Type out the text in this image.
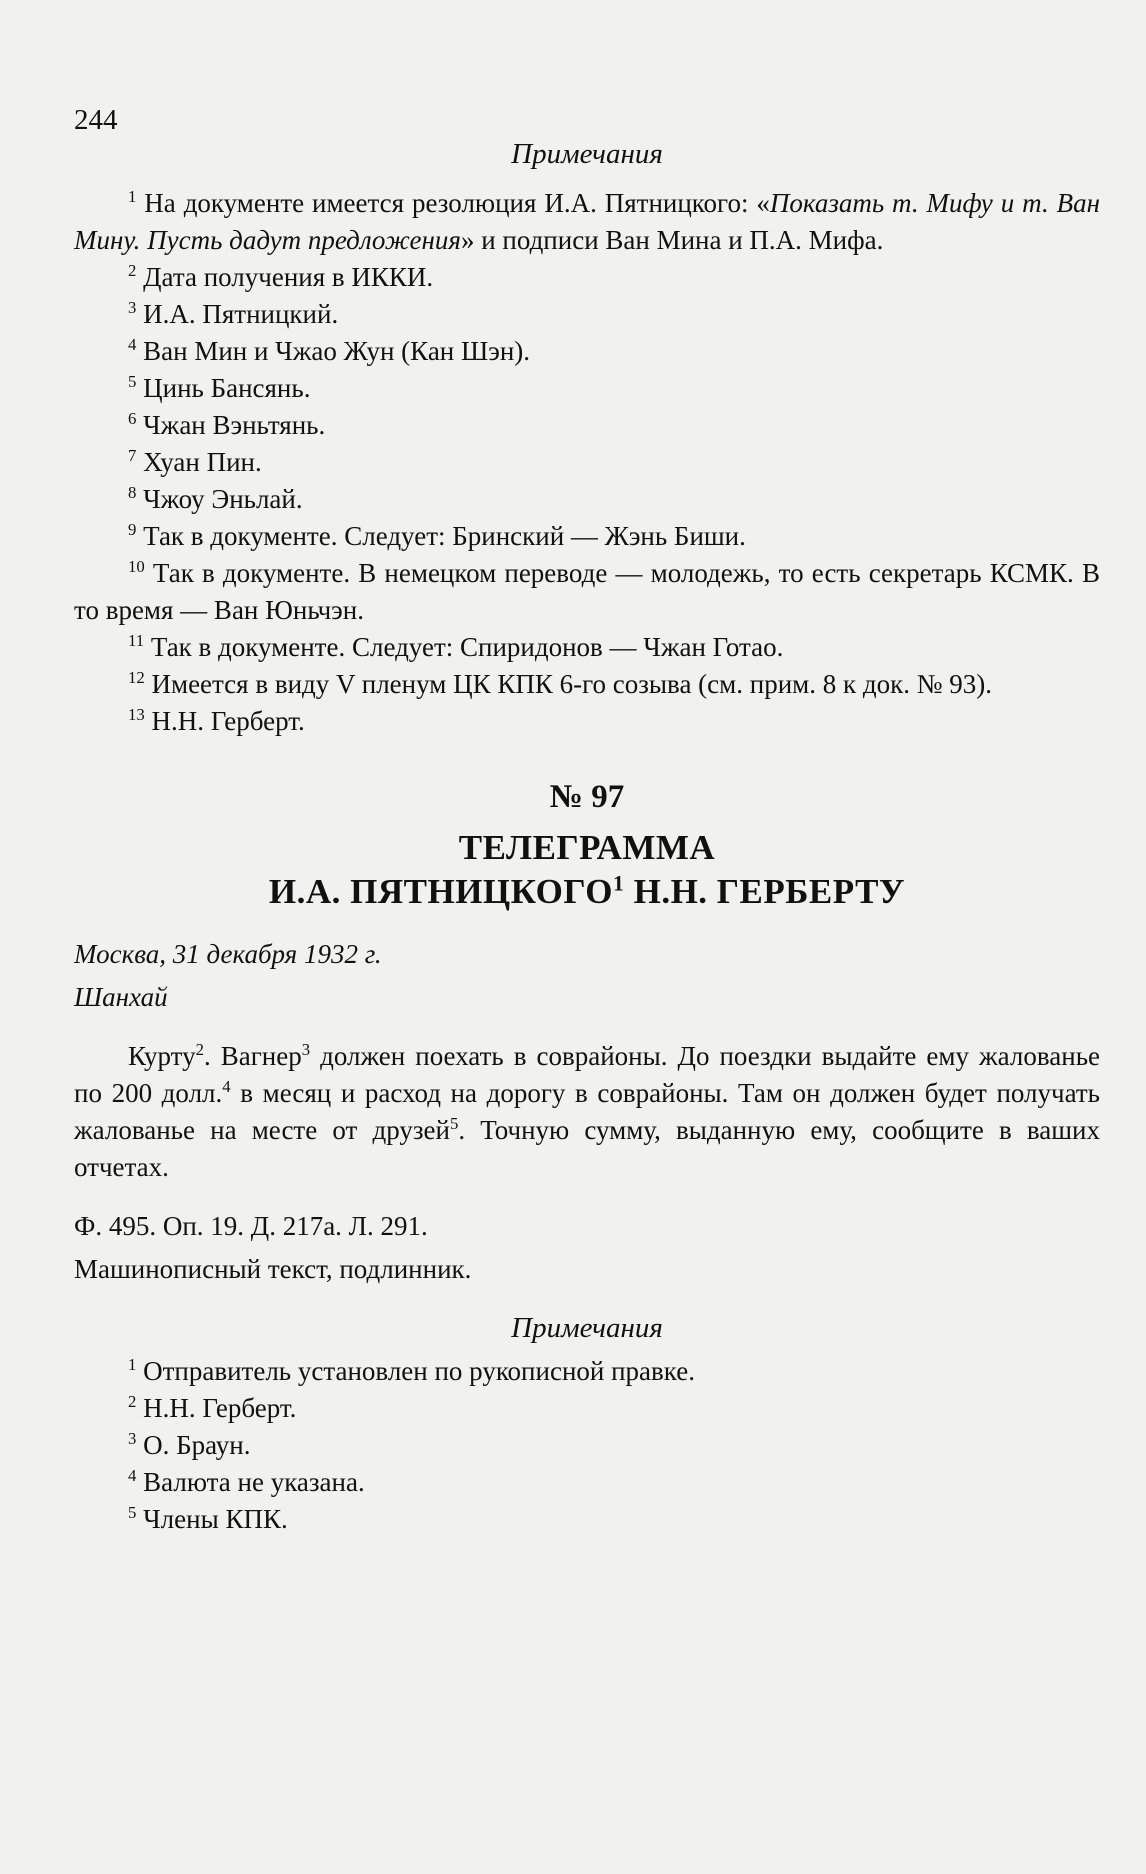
244

Примечания

$^1$ На документе имеется резолюция И.А. Пятницкого: «Показать т. Мифу и т. Ван Мину. Пусть дадут предложения» и подписи Ван Мина и П.А. Мифа.

$^2$ Дата получения в ИККИ.

$^3$ И.А. Пятницкий.

$^4$ Ван Мин и Чжао Жун (Кан Шэн).

$^5$ Цинь Бансянь.

$^6$ Чжан Вэньтянь.

$^7$ Хуан Пин.

$^8$ Чжоу Эньлай.

$^9$ Так в документе. Следует: Бринский — Жэнь Биши.

$^{10}$ Так в документе. В немецком переводе — молодежь, то есть секретарь КСМК. В то время — Ван Юньчэн.

$^{11}$ Так в документе. Следует: Спиридонов — Чжан Готао.

$^{12}$ Имеется в виду V пленум ЦК КПК 6-го созыва (см. прим. 8 к док. № 93).

$^{13}$ Н.Н. Герберт.

№ 97

ТЕЛЕГРАММА

И.А. ПЯТНИЦКОГО$^1$ Н.Н. ГЕРБЕРТУ

Москва, 31 декабря 1932 г.

Шанхай

Курту$^2$. Вагнер$^3$ должен поехать в соврайоны. До поездки выдайте ему жалованье по 200 долл.$^4$ в месяц и расход на дорогу в соврайоны. Там он должен будет получать жалованье на месте от друзей$^5$. Точную сумму, выданную ему, сообщите в ваших отчетах.

Ф. 495. Оп. 19. Д. 217а. Л. 291.

Машинописный текст, подлинник.

Примечания

$^1$ Отправитель установлен по рукописной правке.

$^2$ Н.Н. Герберт.

$^3$ О. Браун.

$^4$ Валюта не указана.

$^5$ Члены КПК.
